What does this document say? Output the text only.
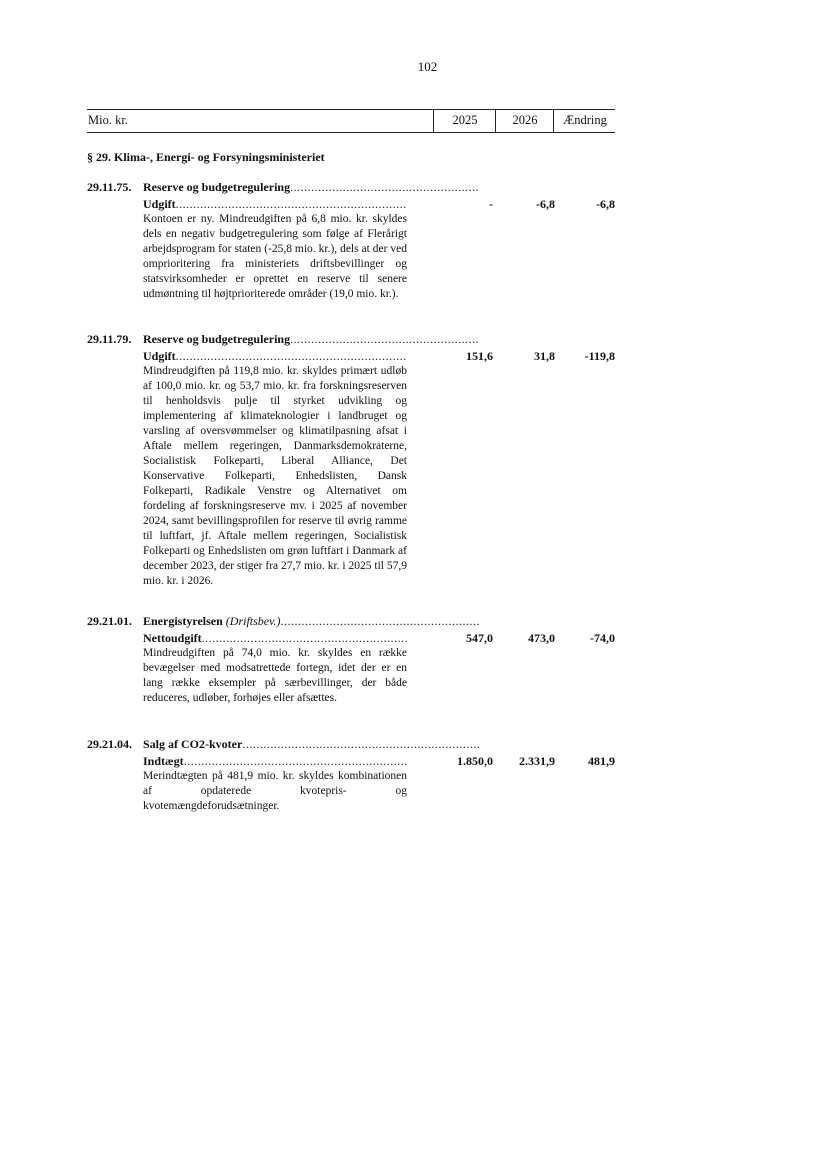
102
Mio. kr.	2025	2026	Ændring
§ 29. Klima-, Energi- og Forsyningsministeriet
29.11.75. Reserve og budgetregulering .....
Udgift .....	-	-6,8	-6,8
Kontoen er ny. Mindreudgiften på 6,8 mio. kr. skyldes dels en negativ budgetregulering som følge af Flerårigt arbejdsprogram for staten (-25,8 mio. kr.), dels at der ved omprioritering fra ministeriets driftsbevillinger og statsvirksomheder er oprettet en reserve til senere udmøntning til højtprioriterede områder (19,0 mio. kr.).
29.11.79. Reserve og budgetregulering .....
Udgift .....	151,6	31,8	-119,8
Mindreudgiften på 119,8 mio. kr. skyldes primært udløb af 100,0 mio. kr. og 53,7 mio. kr. fra forskningsreserven til henholdsvis pulje til styrket udvikling og implementering af klimateknologier i landbruget og varsling af oversvømmelser og klimatilpasning afsat i Aftale mellem regeringen, Danmarksdemokraterne, Socialistisk Folkeparti, Liberal Alliance, Det Konservative Folkeparti, Enhedslisten, Dansk Folkeparti, Radikale Venstre og Alternativet om fordeling af forskningsreserve mv. i 2025 af november 2024, samt bevillingsprofilen for reserve til øvrig ramme til luftfart, jf. Aftale mellem regeringen, Socialistisk Folkeparti og Enhedslisten om grøn luftfart i Danmark af december 2023, der stiger fra 27,7 mio. kr. i 2025 til 57,9 mio. kr. i 2026.
29.21.01. Energistyrelsen (Driftsbev.) .....
Nettoudgift .....	547,0	473,0	-74,0
Mindreudgiften på 74,0 mio. kr. skyldes en række bevægelser med modsatrettede fortegn, idet der er en lang række eksempler på særbevillinger, der både reduceres, udløber, forhøjes eller afsættes.
29.21.04. Salg af CO2-kvoter .....
Indtægt .....	1.850,0	2.331,9	481,9
Merindtægten på 481,9 mio. kr. skyldes kombinationen af opdaterede kvotepris- og kvotemængdeforudsætninger.
